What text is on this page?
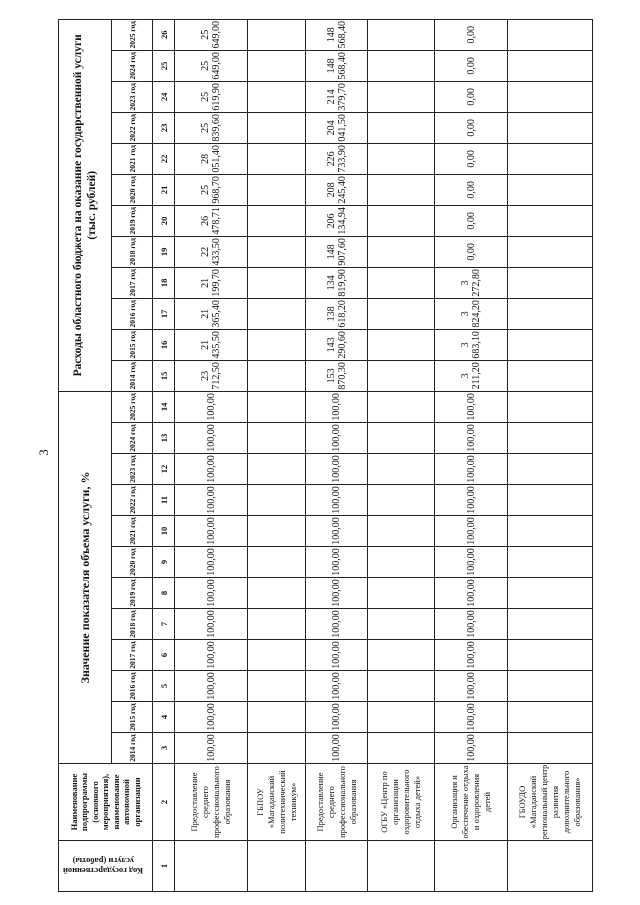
3
Код государственной услуги (работы)	Наименование подпрограммы (основного мероприятия), наименование автономной организации	Значение показателя объема услуги, %												Расходы областного бюджета на оказание государственной услуги (тыс. рублей)											

		2014 год	2015 год	2016 год	2017 год	2018 год	2019 год	2020 год	2021 год	2022 год	2023 год	2024 год	2025 год	2014 год	2015 год	2016 год	2017 год	2018 год	2019 год	2020 год	2021 год	2022 год	2023 год	2024 год	2025 год
1	2	3	4	5	6	7	8	9	10	11	12	13	14	15	16	17	18	19	20	21	22	23	24	25	26
	Предоставление среднего профессионального образования	100,00	100,00	100,00	100,00	100,00	100,00	100,00	100,00	100,00	100,00	100,00	100,00	23 712,50	21 435,50	21 365,40	21 199,70	22 433,50	26 478,71	25 968,70	28 051,40	25 839,60	25 619,90	25 649,00	25 649,00
	ГБПОУ «Магаданский политехнический техникум»																								
	Предоставление среднего профессионального образования	100,00	100,00	100,00	100,00	100,00	100,00	100,00	100,00	100,00	100,00	100,00	100,00	153 870,30	143 290,60	138 618,20	134 819,90	148 907,60	206 134,94	208 245,40	226 733,90	204 041,50	214 379,70	148 568,40	148 568,40
	ОГБУ «Центр по организации оздоровительного отдыха детей»																								
	Организация и обеспечение отдыха и оздоровления детей	100,00	100,00	100,00	100,00	100,00	100,00	100,00	100,00	100,00	100,00	100,00	100,00	3 211,20	3 683,10	3 824,20	3 272,80	0,00	0,00	0,00	0,00	0,00	0,00	0,00	0,00
	ГБОУДО «Магаданский региональный центр развития дополнительного образования»																								
